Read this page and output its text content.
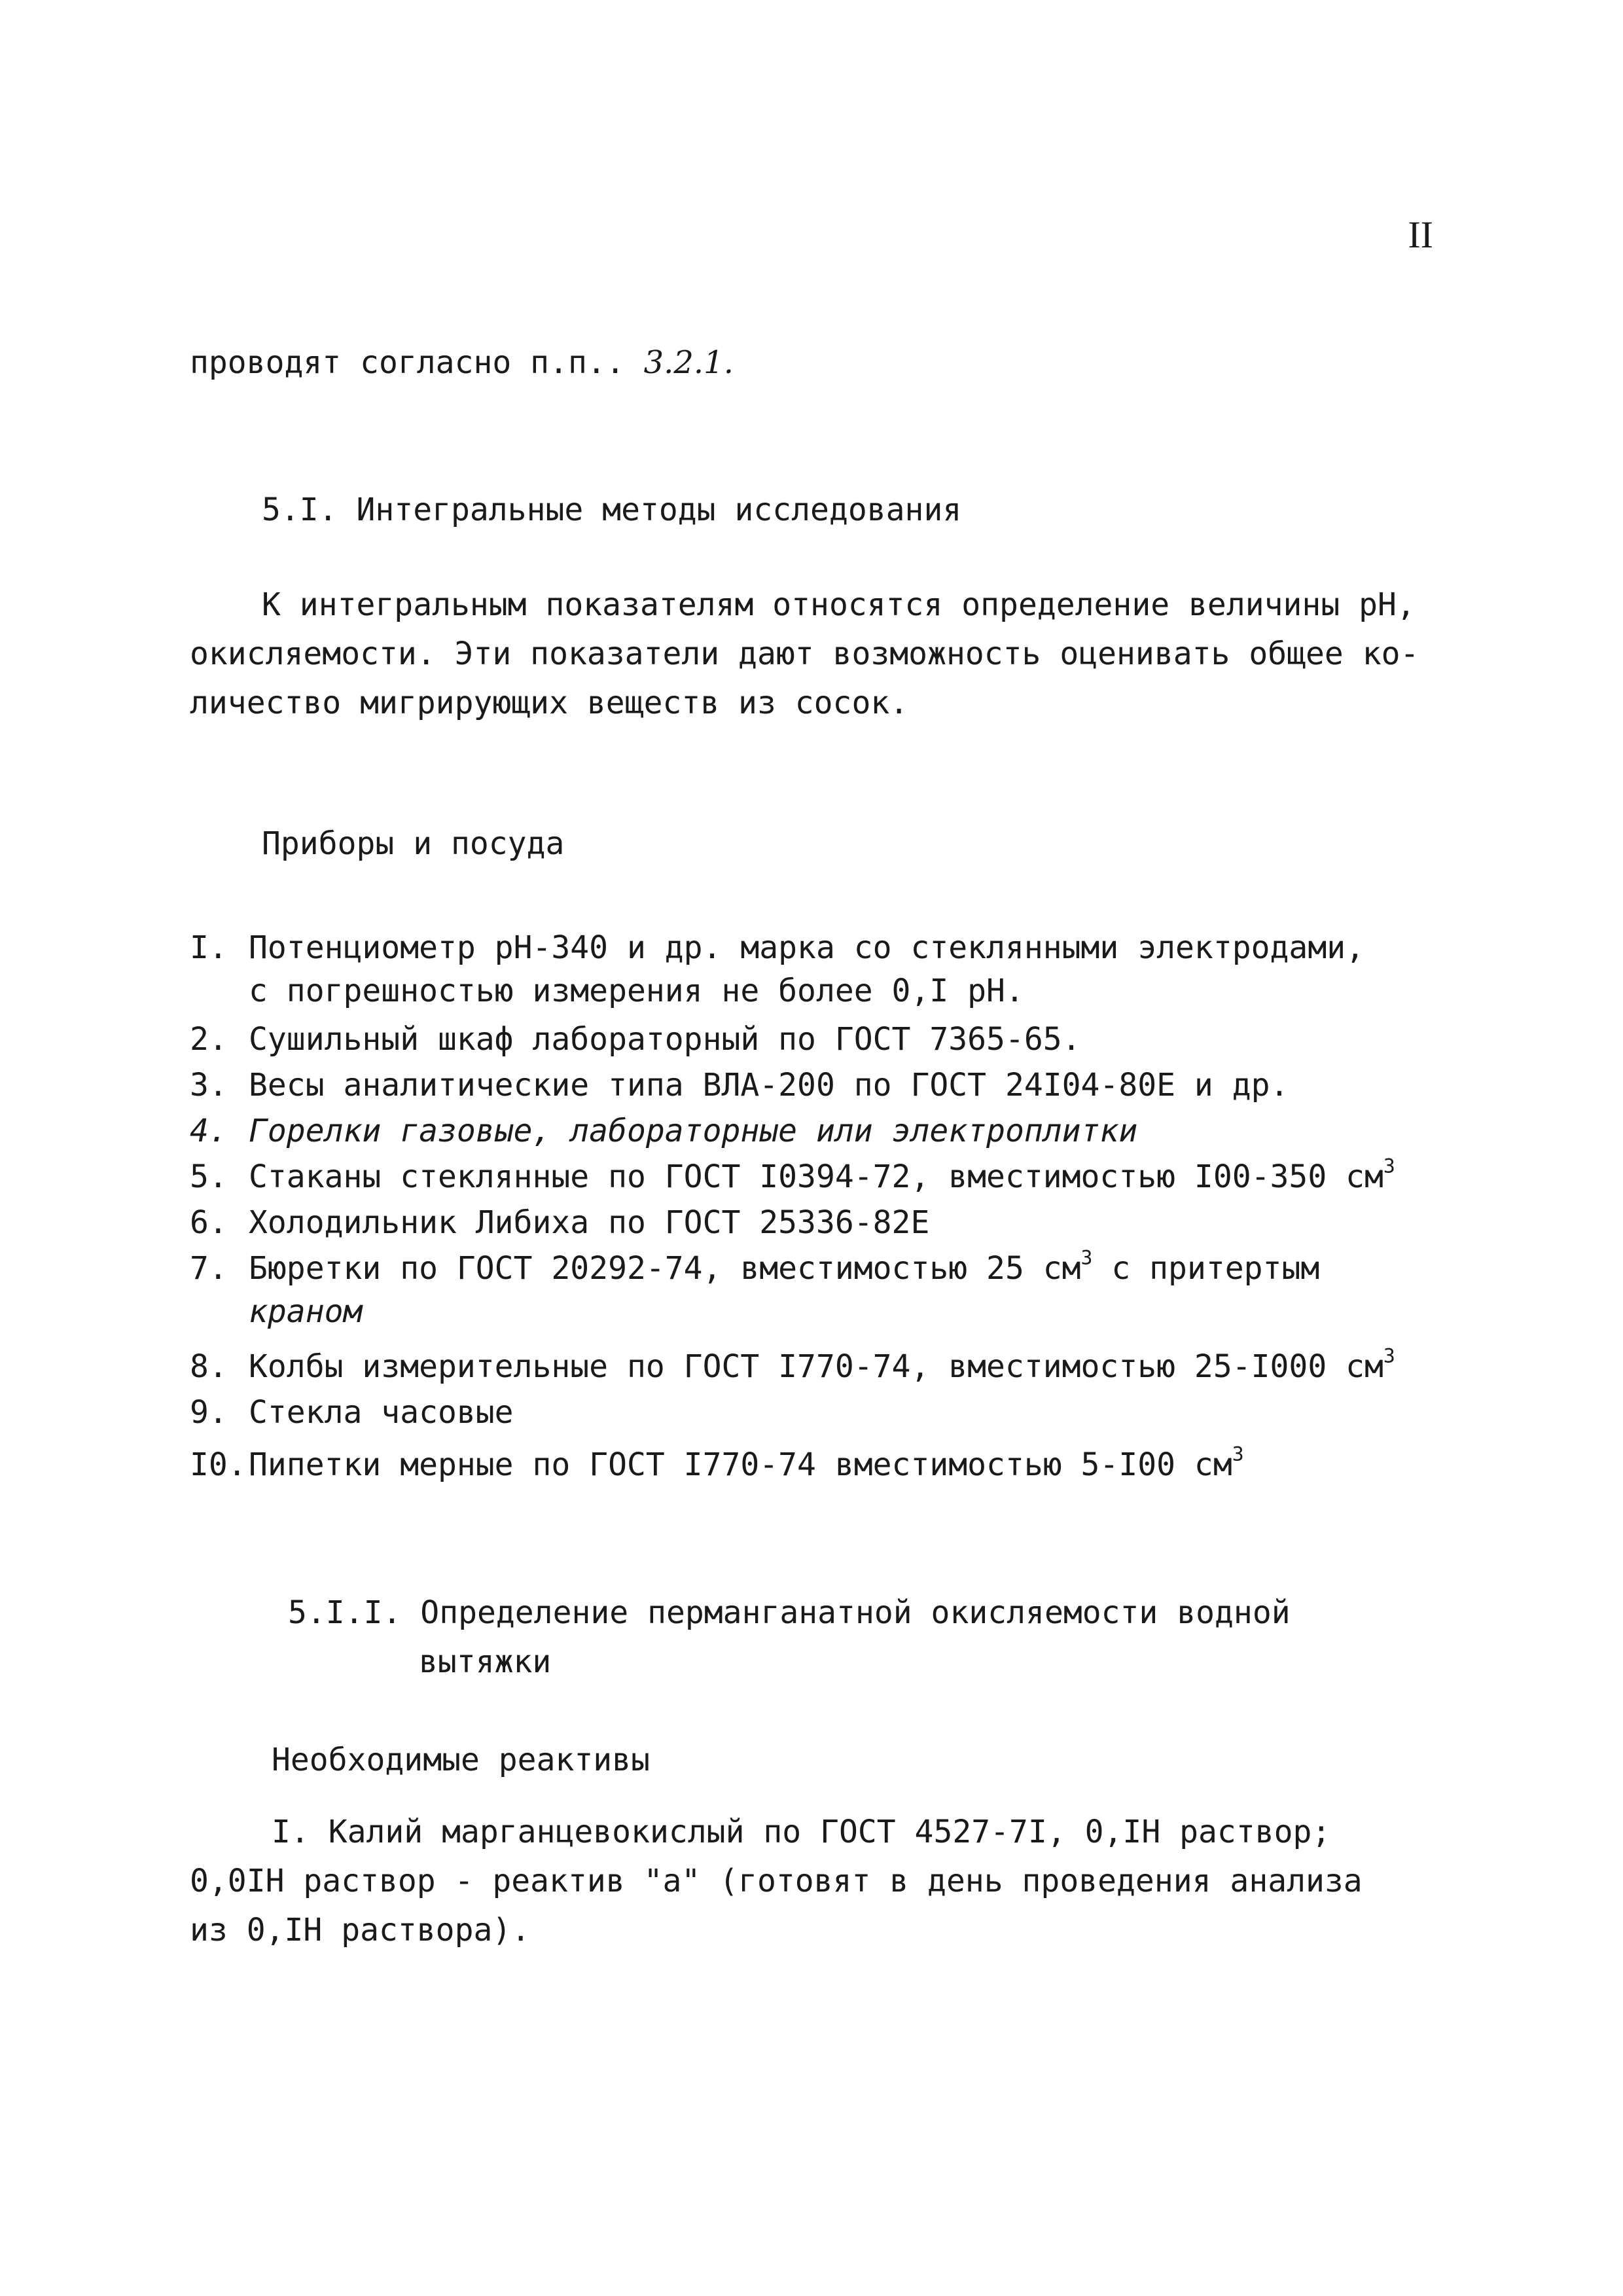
II
проводят согласно п.п.. 3.2.1.
5.I. Интегральные методы исследования
К интегральным показателям относятся определение величины pH,
окисляемости. Эти показатели дают возможность оценивать общее ко-
личество мигрирующих веществ из сосок.
Приборы и посуда
I. Потенциометр pH-340 и др. марка со стеклянными электродами,
с погрешностью измерения не более 0,I pH.
2. Сушильный шкаф лабораторный по ГОСТ 7365-65.
3. Весы аналитические типа ВЛА-200 по ГОСТ 24I04-80Е и др.
4. Горелки газовые, лабораторные или электроплитки
5. Стаканы стеклянные по ГОСТ I0394-72, вместимостью I00-350 $см^3$
6. Холодильник Либиха по ГОСТ 25336-82Е
7. Бюретки по ГОСТ 20292-74, вместимостью 25 $см^3$ с притертым
краном
8. Колбы измерительные по ГОСТ I770-74, вместимостью 25-I000 $см^3$
9. Стекла часовые
I0.Пипетки мерные по ГОСТ I770-74 вместимостью 5-I00 $см^3$
5.I.I. Определение перманганатной окисляемости водной
вытяжки
Необходимые реактивы
I. Калий марганцевокислый по ГОСТ 4527-7I, 0,IН раствор;
0,0IН раствор - реактив "а" (готовят в день проведения анализа
из 0,IН раствора).
